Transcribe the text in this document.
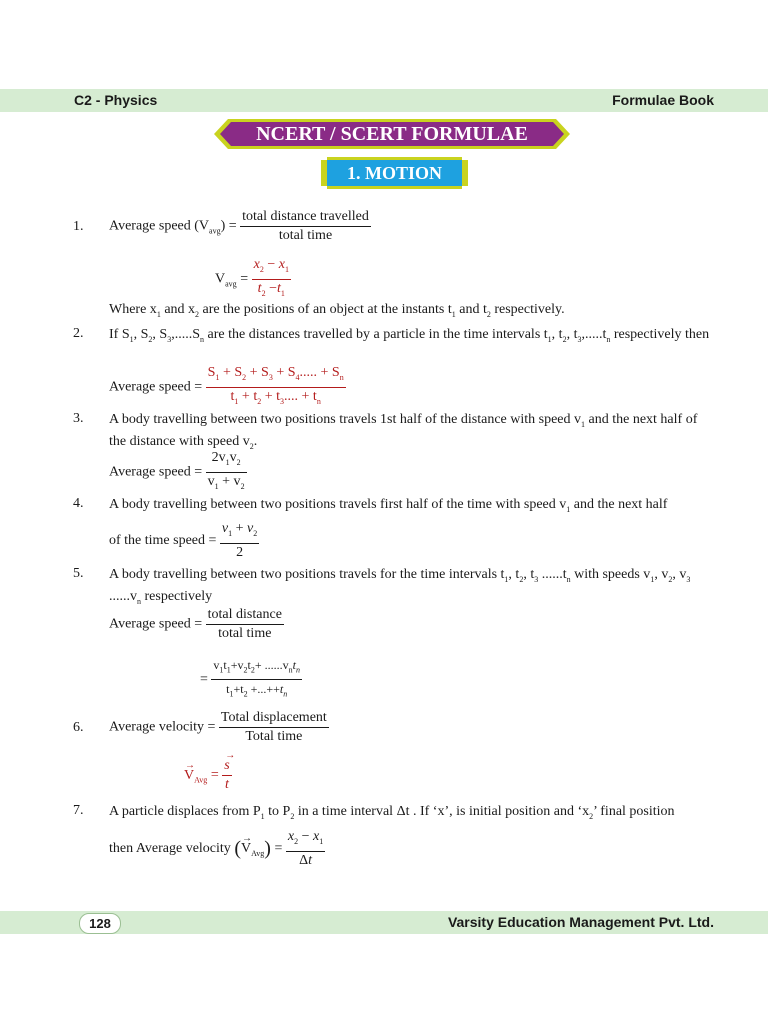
C2 - Physics	Formulae Book
128	Varsity Education Management Pvt. Ltd.
NCERT / SCERT FORMULAE
1. MOTION
1. Average speed $(V_{avg}) = \frac{\text{total distance travelled}}{\text{total time}}$
$V_{avg} = \frac{x_2 - x_1}{t_2 -t_1}$
Where $x_1$ and $x_2$ are the positions of an object at the instants $t_1$ and $t_2$ respectively.
2. If $S_1$, $S_2$, $S_3,.....S_n$ are the distances travelled by a particle in the time intervals $t_1$, $t_2$, $t_3,.....t_n$ respectively then
Average speed = $\frac{S_1 + S_2 + S_3 + S_4..... + S_n}{t_1 + t_2 + t_3.... + t_n}$
3. A body travelling between two positions travels 1st half of the distance with speed $v_1$ and the next half of the distance with speed $v_2$.
Average speed = $\frac{2v_1v_2}{v_1 + v_2}$
4. A body travelling between two positions travels first half of the time with speed $v_1$ and the next half
of the time speed = $\frac{v_1 + v_2}{2}$
5. A body travelling between two positions travels for the time intervals $t_1$, $t_2$, $t_3$ $......t_n$ with speeds $v_1$, $v_2$, $v_3$ $......v_n$ respectively
Average speed = $\frac{\text{total distance}}{\text{total time}}$
= $\frac{v_1t_1+v_2t_2+ ......v_nt_n}{t_1+t_2 +...++t_n}$
6. Average velocity = $\frac{\text{Total displacement}}{\text{Total time}}$
→ $V_{Avg}$ =
→ $\frac{s}{t}$
7. A particle displaces from $P_1$ to $P_2$ in a time interval Δt . If ‘x’, is initial position and ‘$x_2$’ final position
then Average velocity (→ $V_{Avg}) = \frac{x_2 - x_1}{\Delta t}$
